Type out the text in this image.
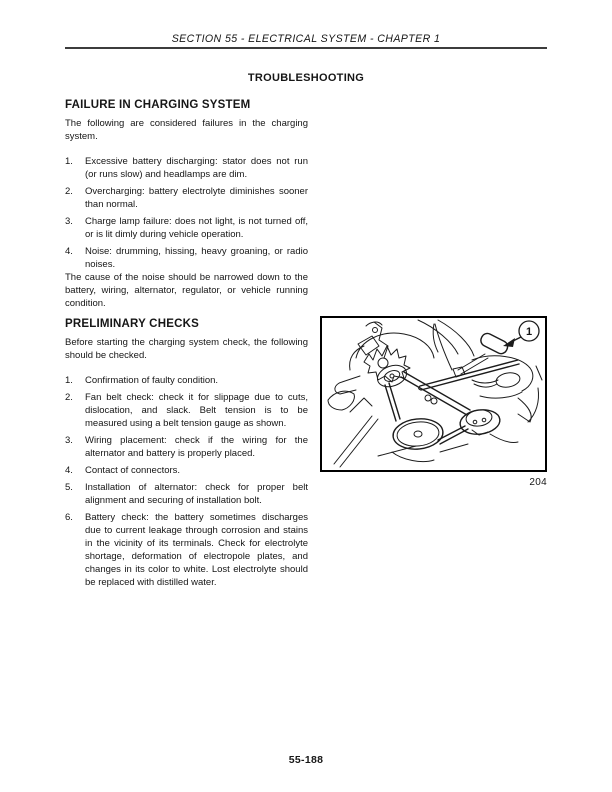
SECTION 55 - ELECTRICAL SYSTEM - CHAPTER 1
TROUBLESHOOTING
FAILURE IN CHARGING SYSTEM

The following are considered failures in the charging system.

1.	Excessive battery discharging: stator does not run (or runs slow) and headlamps are dim.
2.	Overcharging: battery electrolyte diminishes sooner than normal.
3.	Charge lamp failure: does not light, is not turned off, or is lit dimly during vehicle operation.
4.	Noise: drumming, hissing, heavy groaning, or radio noises.

The cause of the noise should be narrowed down to the battery, wiring, alternator, regulator, or vehicle running condition.

PRELIMINARY CHECKS

Before starting the charging system check, the following should be checked.

1.	Confirmation of faulty condition.
2.	Fan belt check: check it for slippage due to cuts, dislocation, and slack. Belt tension is to be measured using a belt tension gauge as shown.
3.	Wiring placement: check if the wiring for the alternator and battery is properly placed.
4.	Contact of connectors.
5.	Installation of alternator: check for proper belt alignment and securing of installation bolt.
6.	Battery check: the battery sometimes discharges due to current leakage through corrosion and stains in the vicinity of its terminals. Check for electrolyte shortage, deformation of electropole plates, and changes in its color to white. Lost electrolyte should be replaced with distilled water.
1
204
55-188
